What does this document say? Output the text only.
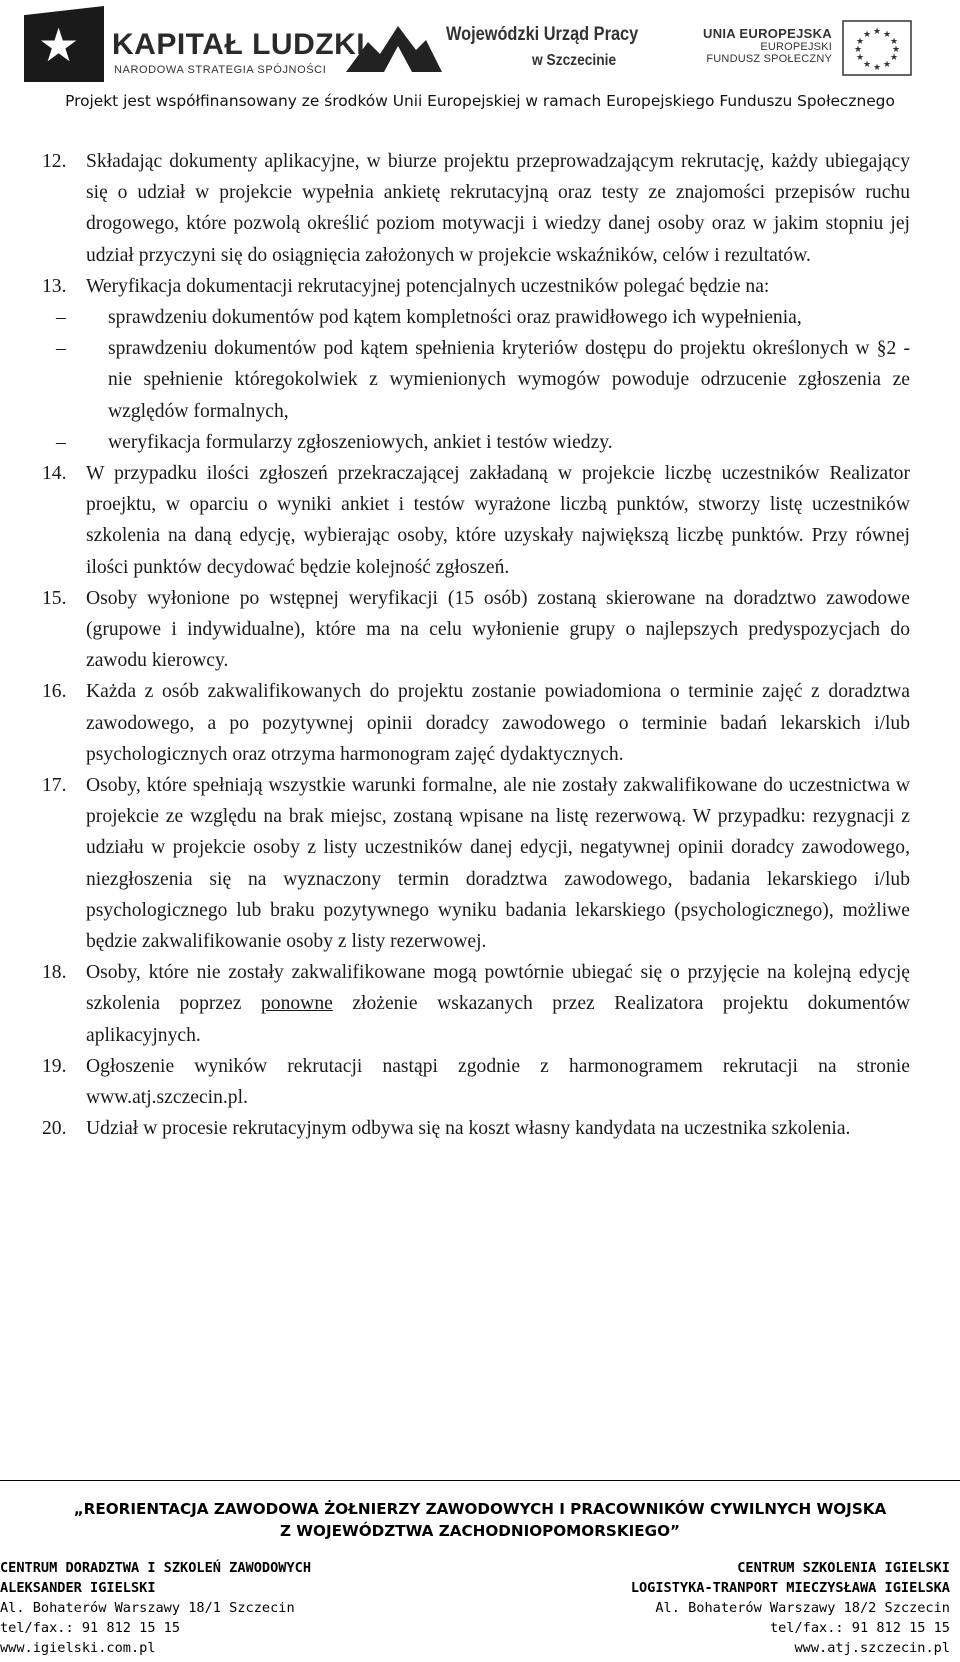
★ KAPITAŁ LUDZKI
NARODOWA STRATEGIA SPÓJNOŚCI
Wojewódzki Urząd Pracy
w Szczecinie
UNIA EUROPEJSKA
EUROPEJSKI
FUNDUSZ SPOŁECZNY
★ ★
★
★
★
★
★
★
★
★
★
★
Projekt jest współfinansowany ze środków Unii Europejskiej w ramach Europejskiego Funduszu Społecznego
12. Składając dokumenty aplikacyjne, w biurze projektu przeprowadzającym rekrutację, każdy ubiegający się o udział w projekcie wypełnia ankietę rekrutacyjną oraz testy ze znajomości przepisów ruchu drogowego, które pozwolą określić poziom motywacji i wiedzy danej osoby oraz w jakim stopniu jej udział przyczyni się do osiągnięcia założonych w projekcie wskaźników, celów i rezultatów.
13. Weryfikacja dokumentacji rekrutacyjnej potencjalnych uczestników polegać będzie na:
– sprawdzeniu dokumentów pod kątem kompletności oraz prawidłowego ich wypełnienia,
– sprawdzeniu dokumentów pod kątem spełnienia kryteriów dostępu do projektu określonych w §2 - nie spełnienie któregokolwiek z wymienionych wymogów powoduje odrzucenie zgłoszenia ze względów formalnych,
– weryfikacja formularzy zgłoszeniowych, ankiet i testów wiedzy.
14. W przypadku ilości zgłoszeń przekraczającej zakładaną w projekcie liczbę uczestników Realizator proejktu, w oparciu o wyniki ankiet i testów wyrażone liczbą punktów, stworzy listę uczestników szkolenia na daną edycję, wybierając osoby, które uzyskały największą liczbę punktów. Przy równej ilości punktów decydować będzie kolejność zgłoszeń.
15. Osoby wyłonione po wstępnej weryfikacji (15 osób) zostaną skierowane na doradztwo zawodowe (grupowe i indywidualne), które ma na celu wyłonienie grupy o najlepszych predyspozycjach do zawodu kierowcy.
16. Każda z osób zakwalifikowanych do projektu zostanie powiadomiona o terminie zajęć z doradztwa zawodowego, a po pozytywnej opinii doradcy zawodowego o terminie badań lekarskich i/lub psychologicznych oraz otrzyma harmonogram zajęć dydaktycznych.
17. Osoby, które spełniają wszystkie warunki formalne, ale nie zostały zakwalifikowane do uczestnictwa w projekcie ze względu na brak miejsc, zostaną wpisane na listę rezerwową. W przypadku: rezygnacji z udziału w projekcie osoby z listy uczestników danej edycji, negatywnej opinii doradcy zawodowego, niezgłoszenia się na wyznaczony termin doradztwa zawodowego, badania lekarskiego i/lub psychologicznego lub braku pozytywnego wyniku badania lekarskiego (psychologicznego), możliwe będzie zakwalifikowanie osoby z listy rezerwowej.
18. Osoby, które nie zostały zakwalifikowane mogą powtórnie ubiegać się o przyjęcie na kolejną edycję szkolenia poprzez ponowne złożenie wskazanych przez Realizatora projektu dokumentów aplikacyjnych.
19. Ogłoszenie wyników rekrutacji nastąpi zgodnie z harmonogramem rekrutacji na stronie www.atj.szczecin.pl.
20. Udział w procesie rekrutacyjnym odbywa się na koszt własny kandydata na uczestnika szkolenia.
„REORIENTACJA ZAWODOWA ŻOŁNIERZY ZAWODOWYCH I PRACOWNIKÓW CYWILNYCH WOJSKA
Z WOJEWÓDZTWA ZACHODNIOPOMORSKIEGO”
CENTRUM DORADZTWA I SZKOLEŃ ZAWODOWYCH
ALEKSANDER IGIELSKI
Al. Bohaterów Warszawy 18/1 Szczecin
tel/fax.: 91 812 15 15
www.igielski.com.pl
CENTRUM SZKOLENIA IGIELSKI
LOGISTYKA-TRANPORT MIECZYSŁAWA IGIELSKA
Al. Bohaterów Warszawy 18/2 Szczecin
tel/fax.: 91 812 15 15
www.atj.szczecin.pl
